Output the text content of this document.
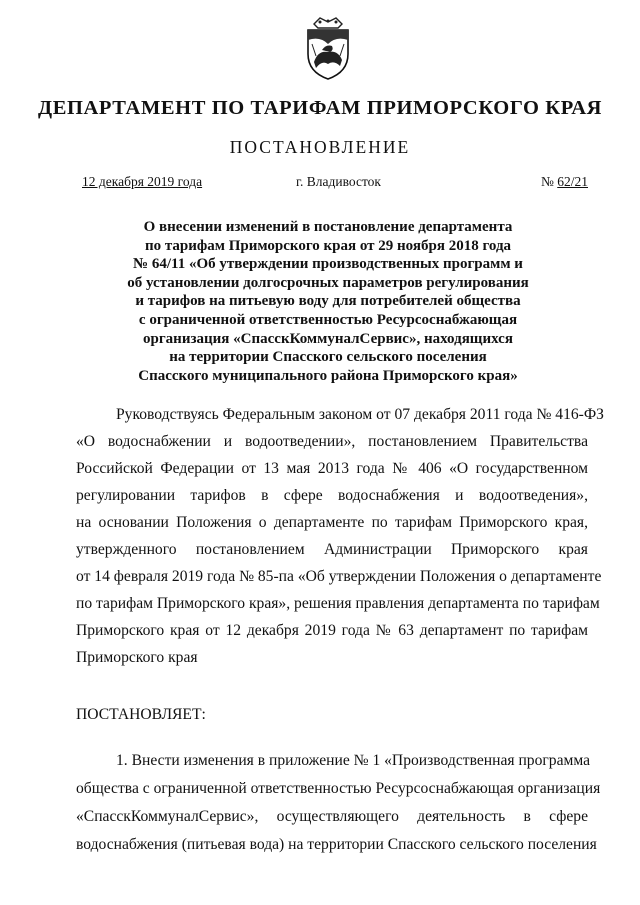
ДЕПАРТАМЕНТ ПО ТАРИФАМ ПРИМОРСКОГО КРАЯ
ПОСТАНОВЛЕНИЕ
12 декабря 2019 года	г. Владивосток	№ 62/21
О внесении изменений в постановление департамента
по тарифам Приморского края от 29 ноября 2018 года
№ 64/11 «Об утверждении производственных программ и
об установлении долгосрочных параметров регулирования
и тарифов на питьевую воду для потребителей общества
с ограниченной ответственностью Ресурсоснабжающая
организация «СпасскКоммуналСервис», находящихся
на территории Спасского сельского поселения
Спасского муниципального района Приморского края»
Руководствуясь Федеральным законом от 07 декабря 2011 года № 416-ФЗ
«О водоснабжении и водоотведении», постановлением Правительства
Российской Федерации от 13 мая 2013 года № 406 «О государственном
регулировании тарифов в сфере водоснабжения и водоотведения»,
на основании Положения о департаменте по тарифам Приморского края,
утвержденного постановлением Администрации Приморского края
от 14 февраля 2019 года № 85-па «Об утверждении Положения о департаменте
по тарифам Приморского края», решения правления департамента по тарифам
Приморского края от 12 декабря 2019 года № 63 департамент по тарифам
Приморского края
ПОСТАНОВЛЯЕТ:
1. Внести изменения в приложение № 1 «Производственная программа
общества с ограниченной ответственностью Ресурсоснабжающая организация
«СпасскКоммуналСервис», осуществляющего деятельность в сфере
водоснабжения (питьевая вода) на территории Спасского сельского поселения
